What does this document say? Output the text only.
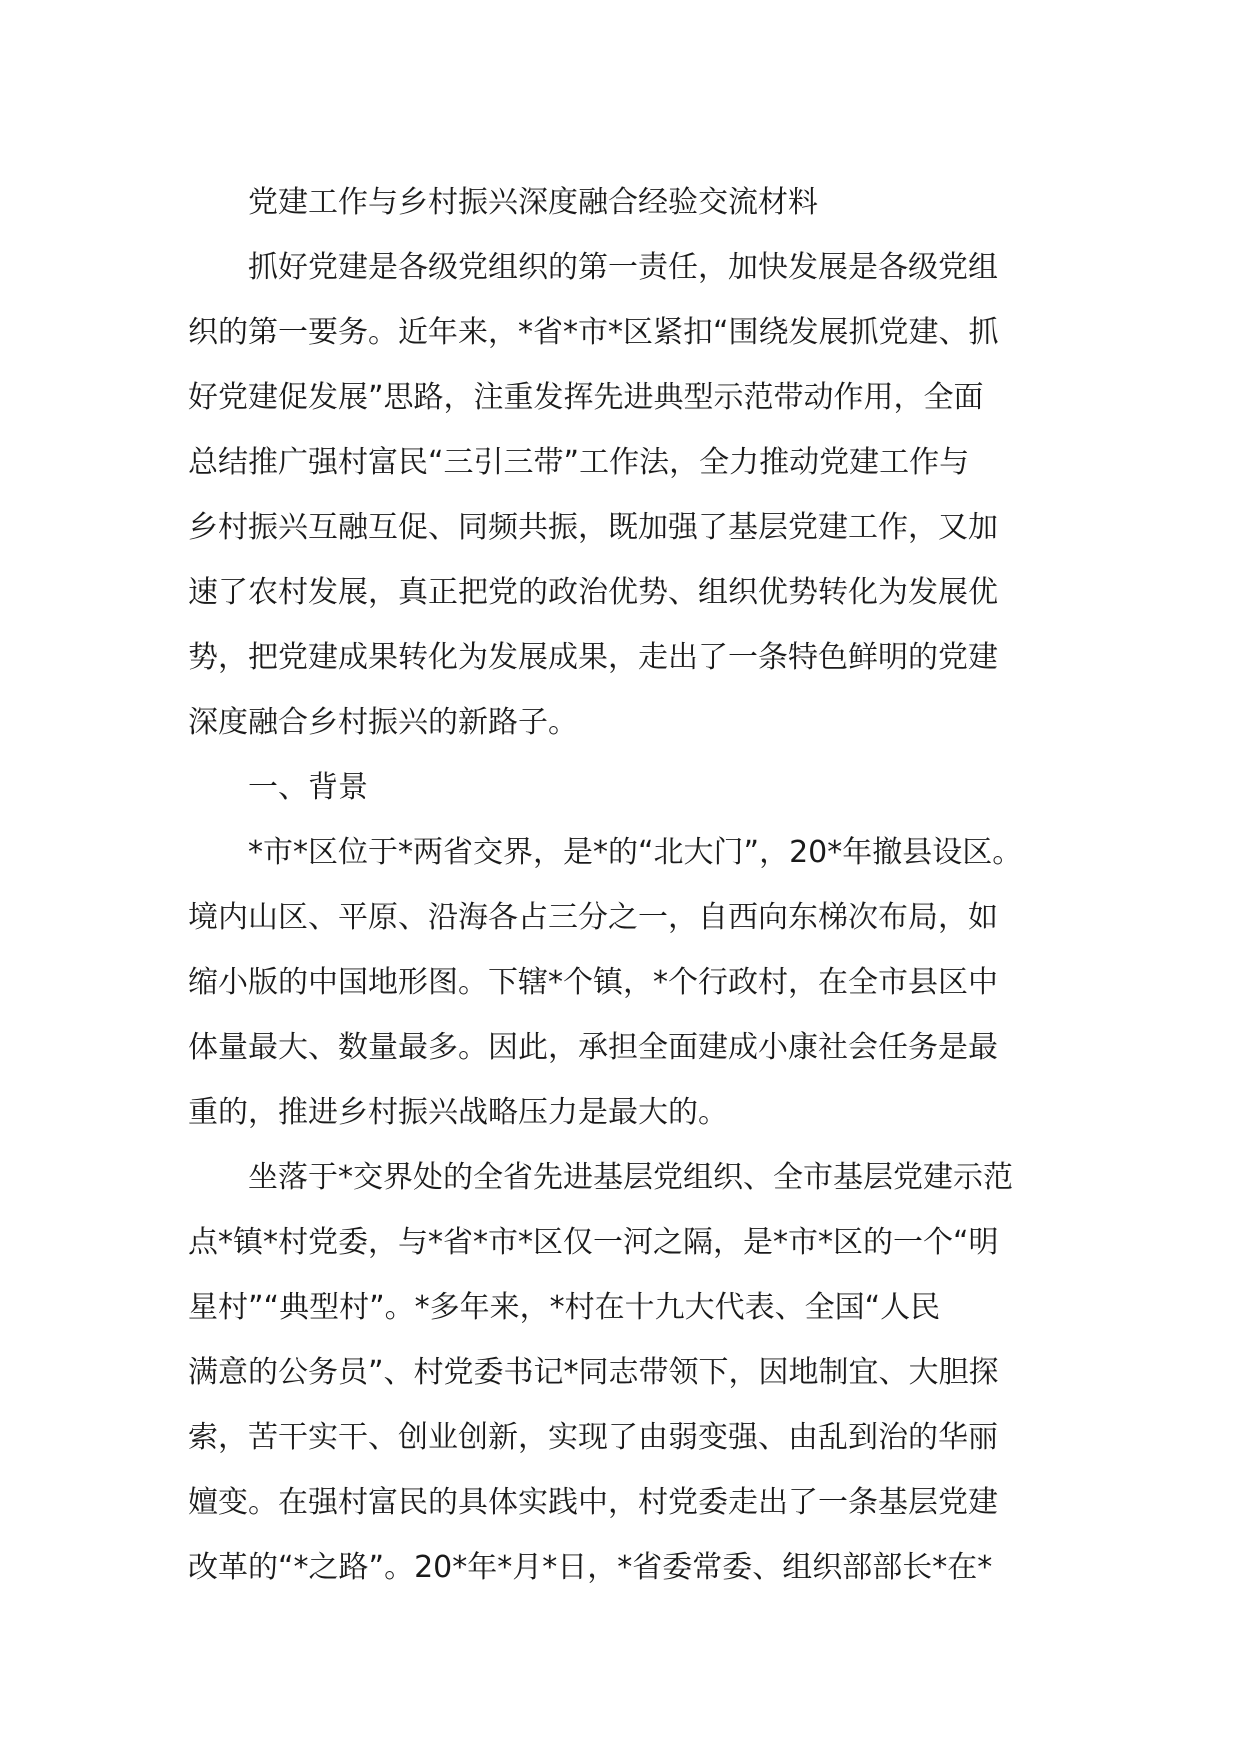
党建工作与乡村振兴深度融合经验交流材料
抓好党建是各级党组织的第一责任，加快发展是各级党组
织的第一要务。近年来，*省*市*区紧扣“围绕发展抓党建、抓
好党建促发展”思路，注重发挥先进典型示范带动作用，全面
总结推广强村富民“三引三带”工作法，全力推动党建工作与
乡村振兴互融互促、同频共振，既加强了基层党建工作，又加
速了农村发展，真正把党的政治优势、组织优势转化为发展优
势，把党建成果转化为发展成果，走出了一条特色鲜明的党建
深度融合乡村振兴的新路子。
一、背景
*市*区位于*两省交界，是*的“北大门”，20*年撤县设区。
境内山区、平原、沿海各占三分之一，自西向东梯次布局，如
缩小版的中国地形图。下辖*个镇，*个行政村，在全市县区中
体量最大、数量最多。因此，承担全面建成小康社会任务是最
重的，推进乡村振兴战略压力是最大的。
坐落于*交界处的全省先进基层党组织、全市基层党建示范
点*镇*村党委，与*省*市*区仅一河之隔，是*市*区的一个“明
星村”“典型村”。*多年来，*村在十九大代表、全国“人民
满意的公务员”、村党委书记*同志带领下，因地制宜、大胆探
索，苦干实干、创业创新，实现了由弱变强、由乱到治的华丽
嬗变。在强村富民的具体实践中，村党委走出了一条基层党建
改革的“*之路”。20*年*月*日，*省委常委、组织部部长*在*
